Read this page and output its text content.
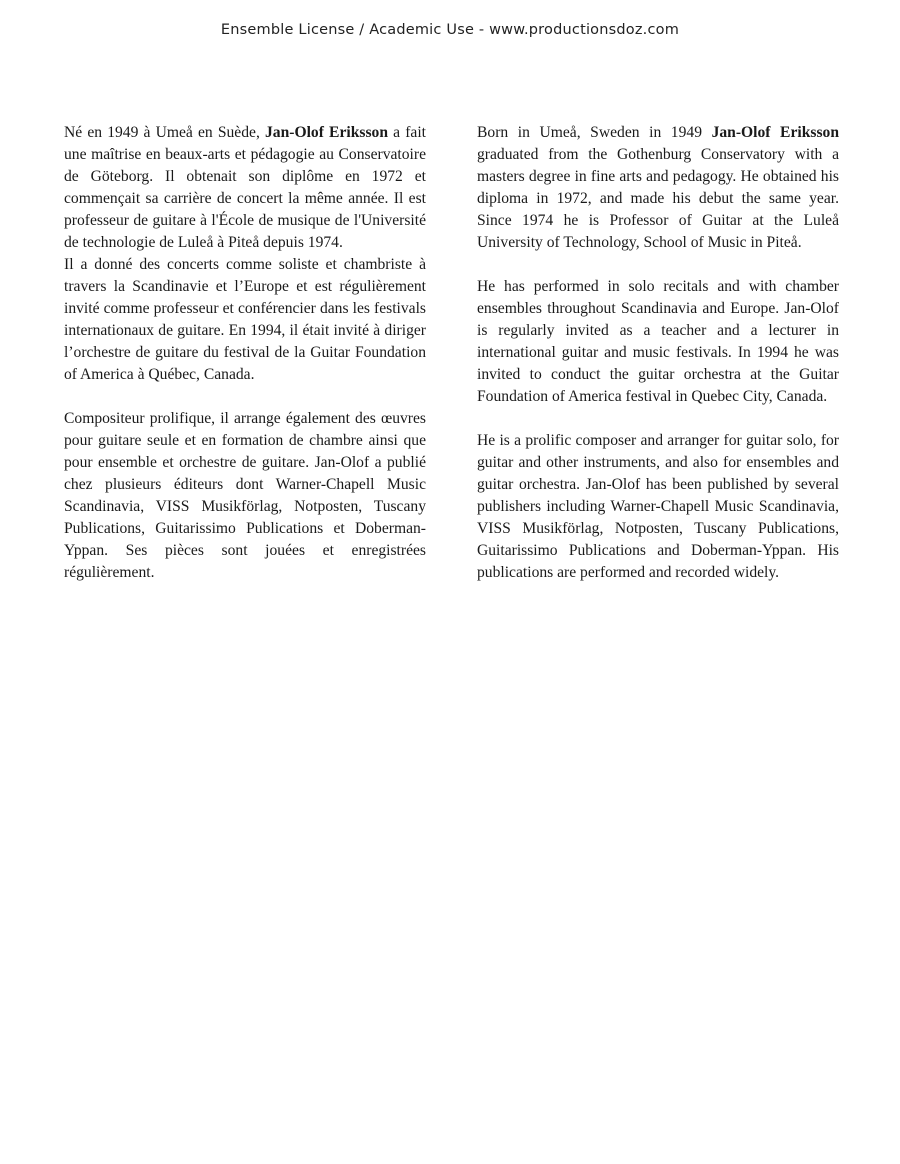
Ensemble License / Academic Use - www.productionsdoz.com

Né en 1949 à Umeå en Suède, Jan-Olof Eriksson a fait une maîtrise en beaux-arts et pédagogie au Conservatoire de Göteborg. Il obtenait son diplôme en 1972 et commençait sa carrière de concert la même année. Il est professeur de guitare à l'École de musique de l'Université de technologie de Luleå à Piteå depuis 1974.

Il a donné des concerts comme soliste et chambriste à travers la Scandinavie et l’Europe et est régulièrement invité comme professeur et conférencier dans les festivals internationaux de guitare. En 1994, il était invité à diriger l’orchestre de guitare du festival de la Guitar Foundation of America à Québec, Canada.

Compositeur prolifique, il arrange également des œuvres pour guitare seule et en formation de chambre ainsi que pour ensemble et orchestre de guitare. Jan-Olof a publié chez plusieurs éditeurs dont Warner-Chapell Music Scandinavia, VISS Musikförlag, Notposten, Tuscany Publications, Guitarissimo Publications et Doberman-Yppan. Ses pièces sont jouées et enregistrées régulièrement.

Born in Umeå, Sweden in 1949 Jan-Olof Eriksson graduated from the Gothenburg Conservatory with a masters degree in fine arts and pedagogy. He obtained his diploma in 1972, and made his debut the same year. Since 1974 he is Professor of Guitar at the Luleå University of Technology, School of Music in Piteå.

He has performed in solo recitals and with chamber ensembles throughout Scandinavia and Europe. Jan-Olof is regularly invited as a teacher and a lecturer in international guitar and music festivals. In 1994 he was invited to conduct the guitar orchestra at the Guitar Foundation of America festival in Quebec City, Canada.

He is a prolific composer and arranger for guitar solo, for guitar and other instruments, and also for ensembles and guitar orchestra. Jan-Olof has been published by several publishers including Warner-Chapell Music Scandinavia, VISS Musikförlag, Notposten, Tuscany Publications, Guitarissimo Publications and Doberman-Yppan. His publications are performed and recorded widely.
